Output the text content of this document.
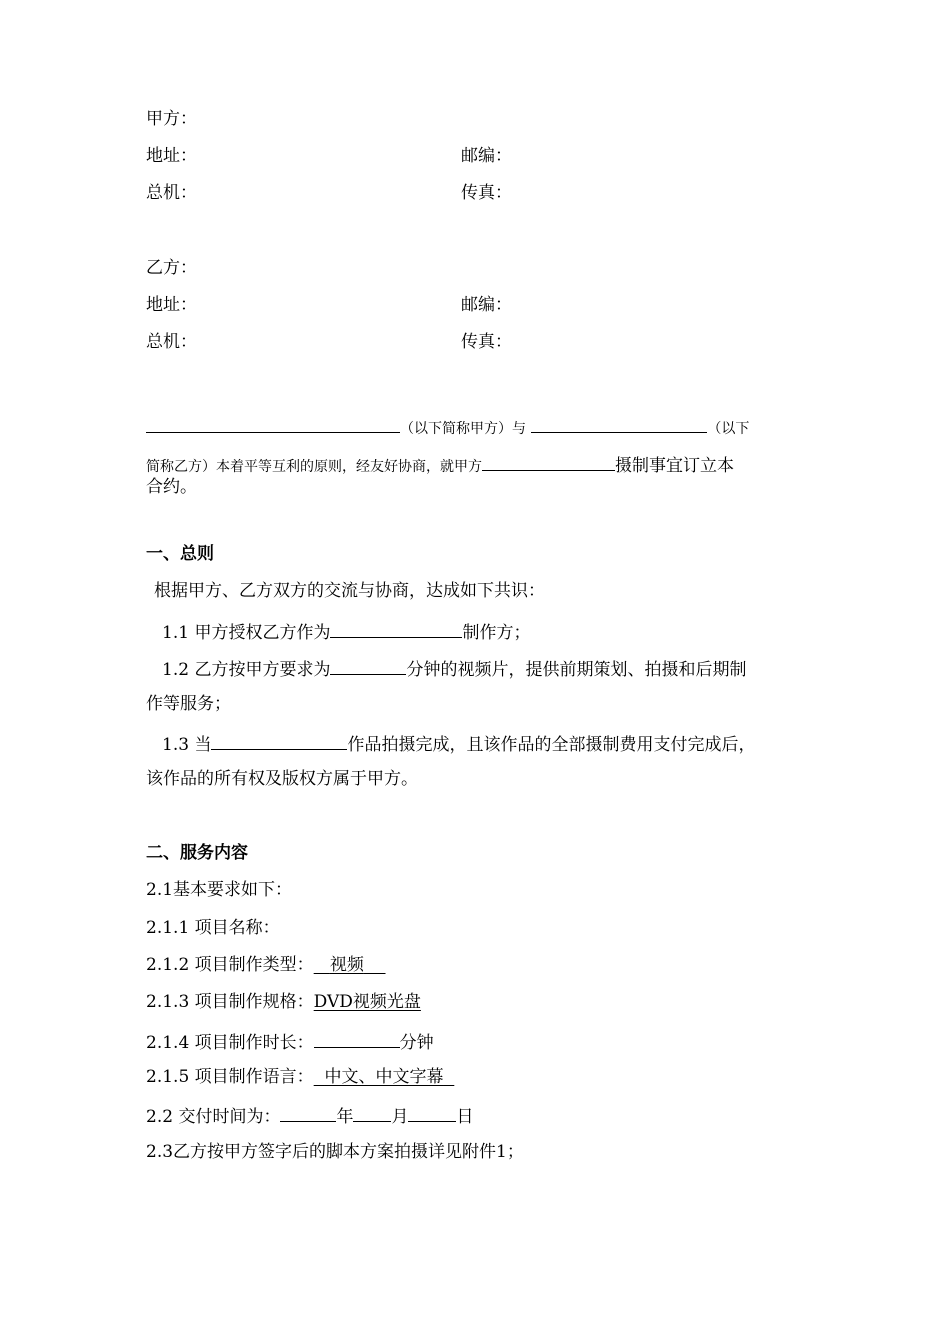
甲方：
地址：	邮编：
总机：	传真：
乙方：
地址：	邮编：
总机：	传真：
（以下简称甲方）与	（以下
简称乙方）本着平等互利的原则，经友好协商，就甲方	摄制事宜订立本
合约。
一、总则
根据甲方、乙方双方的交流与协商，达成如下共识：
1.1 甲方授权乙方作为	制作方；
1.2 乙方按甲方要求为	分钟的视频片，提供前期策划、拍摄和后期制
作等服务；
1.3 当	作品拍摄完成，且该作品的全部摄制费用支付完成后，
该作品的所有权及版权方属于甲方。
二、服务内容
2.1基本要求如下：
2.1.1 项目名称：
2.1.2 项目制作类型： 视频
2.1.3 项目制作规格：DVD视频光盘
2.1.4 项目制作时长：	分钟
2.1.5 项目制作语言： 中文、中文字幕
2.2 交付时间为：	年 月	日
2.3乙方按甲方签字后的脚本方案拍摄详见附件1；
